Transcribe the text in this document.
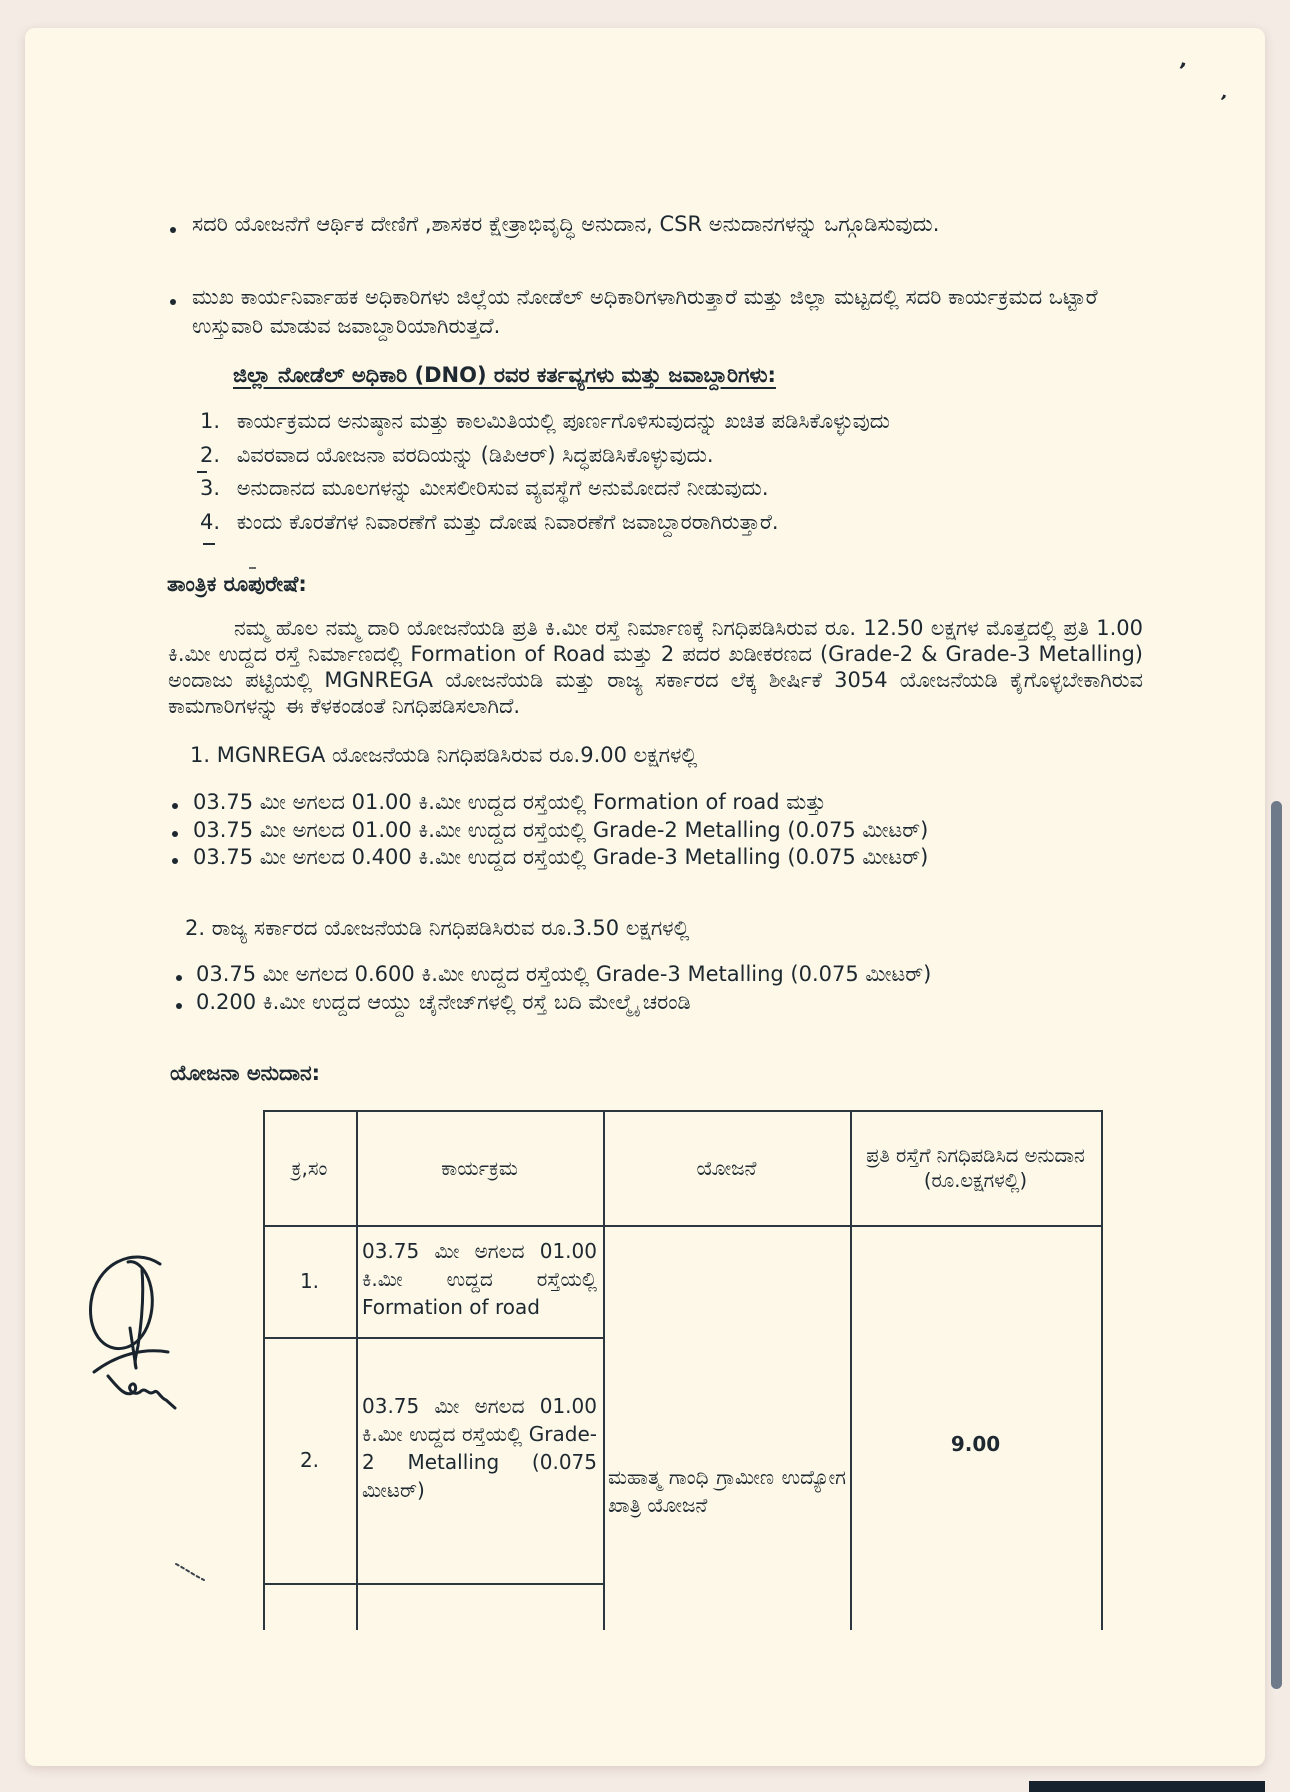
ʼ
ʼ
ಸದರಿ ಯೋಜನೆಗೆ ಆರ್ಥಿಕ ದೇಣಿಗೆ ,ಶಾಸಕರ ಕ್ಷೇತ್ರಾಭಿವೃದ್ಧಿ ಅನುದಾನ, CSR ಅನುದಾನಗಳನ್ನು ಒಗ್ಗೂಡಿಸುವುದು.
ಮುಖ ಕಾರ್ಯನಿರ್ವಾಹಕ ಅಧಿಕಾರಿಗಳು ಜಿಲ್ಲೆಯ ನೋಡೆಲ್ ಅಧಿಕಾರಿಗಳಾಗಿರುತ್ತಾರೆ ಮತ್ತು ಜಿಲ್ಲಾ ಮಟ್ಟದಲ್ಲಿ ಸದರಿ ಕಾರ್ಯಕ್ರಮದ ಒಟ್ಟಾರೆ ಉಸ್ತುವಾರಿ ಮಾಡುವ ಜವಾಬ್ದಾರಿಯಾಗಿರುತ್ತದೆ.
ಜಿಲ್ಲಾ ನೋಡೆಲ್ ಅಧಿಕಾರಿ (DNO) ರವರ ಕರ್ತವ್ಯಗಳು ಮತ್ತು ಜವಾಬ್ದಾರಿಗಳು:
1. ಕಾರ್ಯಕ್ರಮದ ಅನುಷ್ಠಾನ ಮತ್ತು ಕಾಲಮಿತಿಯಲ್ಲಿ ಪೂರ್ಣಗೊಳಿಸುವುದನ್ನು ಖಚಿತ ಪಡಿಸಿಕೊಳ್ಳುವುದು
2. ವಿವರವಾದ ಯೋಜನಾ ವರದಿಯನ್ನು (ಡಿಪಿಆರ್) ಸಿದ್ಧಪಡಿಸಿಕೊಳ್ಳುವುದು.
3. ಅನುದಾನದ ಮೂಲಗಳನ್ನು ಮೀಸಲೀರಿಸುವ ವ್ಯವಸ್ಥೆಗೆ ಅನುಮೋದನೆ ನೀಡುವುದು.
4. ಕುಂದು ಕೊರತೆಗಳ ನಿವಾರಣೆಗೆ ಮತ್ತು ದೋಷ ನಿವಾರಣೆಗೆ ಜವಾಬ್ದಾರರಾಗಿರುತ್ತಾರೆ.
ತಾಂತ್ರಿಕ ರೂಪುರೇಷೆ:
ನಮ್ಮ ಹೊಲ ನಮ್ಮ ದಾರಿ ಯೋಜನೆಯಡಿ ಪ್ರತಿ ಕಿ.ಮೀ ರಸ್ತೆ ನಿರ್ಮಾಣಕ್ಕೆ ನಿಗಧಿಪಡಿಸಿರುವ ರೂ. 12.50 ಲಕ್ಷಗಳ ಮೊತ್ತದಲ್ಲಿ ಪ್ರತಿ 1.00 ಕಿ.ಮೀ ಉದ್ದದ ರಸ್ತೆ ನಿರ್ಮಾಣದಲ್ಲಿ Formation of Road ಮತ್ತು 2 ಪದರ ಖಡೀಕರಣದ (Grade-2 & Grade-3 Metalling) ಅಂದಾಜು ಪಟ್ಟಿಯಲ್ಲಿ MGNREGA ಯೋಜನೆಯಡಿ ಮತ್ತು ರಾಜ್ಯ ಸರ್ಕಾರದ ಲೆಕ್ಕ ಶೀರ್ಷಿಕೆ 3054 ಯೋಜನೆಯಡಿ ಕೈಗೊಳ್ಳಬೇಕಾಗಿರುವ ಕಾಮಗಾರಿಗಳನ್ನು ಈ ಕೆಳಕಂಡಂತೆ ನಿಗಧಿಪಡಿಸಲಾಗಿದೆ.
1. MGNREGA ಯೋಜನೆಯಡಿ ನಿಗಧಿಪಡಿಸಿರುವ ರೂ.9.00 ಲಕ್ಷಗಳಲ್ಲಿ
03.75 ಮೀ ಅಗಲದ 01.00 ಕಿ.ಮೀ ಉದ್ದದ ರಸ್ತೆಯಲ್ಲಿ Formation of road ಮತ್ತು
03.75 ಮೀ ಅಗಲದ 01.00 ಕಿ.ಮೀ ಉದ್ದದ ರಸ್ತೆಯಲ್ಲಿ Grade-2 Metalling (0.075 ಮೀಟರ್)
03.75 ಮೀ ಅಗಲದ 0.400 ಕಿ.ಮೀ ಉದ್ದದ ರಸ್ತೆಯಲ್ಲಿ Grade-3 Metalling (0.075 ಮೀಟರ್)
2. ರಾಜ್ಯ ಸರ್ಕಾರದ ಯೋಜನೆಯಡಿ ನಿಗಧಿಪಡಿಸಿರುವ ರೂ.3.50 ಲಕ್ಷಗಳಲ್ಲಿ
03.75 ಮೀ ಅಗಲದ 0.600 ಕಿ.ಮೀ ಉದ್ದದ ರಸ್ತೆಯಲ್ಲಿ Grade-3 Metalling (0.075 ಮೀಟರ್)
0.200 ಕಿ.ಮೀ ಉದ್ದದ ಆಯ್ದು ಚೈನೇಜ್‌ಗಳಲ್ಲಿ ರಸ್ತೆ ಬದಿ ಮೇಲ್ಮೈ ಚರಂಡಿ
ಯೋಜನಾ ಅನುದಾನ:
ಕ್ರ,ಸಂ	ಕಾರ್ಯಕ್ರಮ	ಯೋಜನೆ
ಪ್ರತಿ ರಸ್ತೆಗೆ ನಿಗಧಿಪಡಿಸಿದ ಅನುದಾನ (ರೂ.ಲಕ್ಷಗಳಲ್ಲಿ)
1.
03.75 ಮೀ ಅಗಲದ 01.00 ಕಿ.ಮೀ ಉದ್ದದ ರಸ್ತೆಯಲ್ಲಿ Formation of road
2.
03.75 ಮೀ ಅಗಲದ 01.00 ಕಿ.ಮೀ ಉದ್ದದ ರಸ್ತೆಯಲ್ಲಿ Grade-2 Metalling (0.075 ಮೀಟರ್)
ಮಹಾತ್ಮ ಗಾಂಧಿ ಗ್ರಾಮೀಣ ಉದ್ಯೋಗ ಖಾತ್ರಿ ಯೋಜನೆ
9.00
